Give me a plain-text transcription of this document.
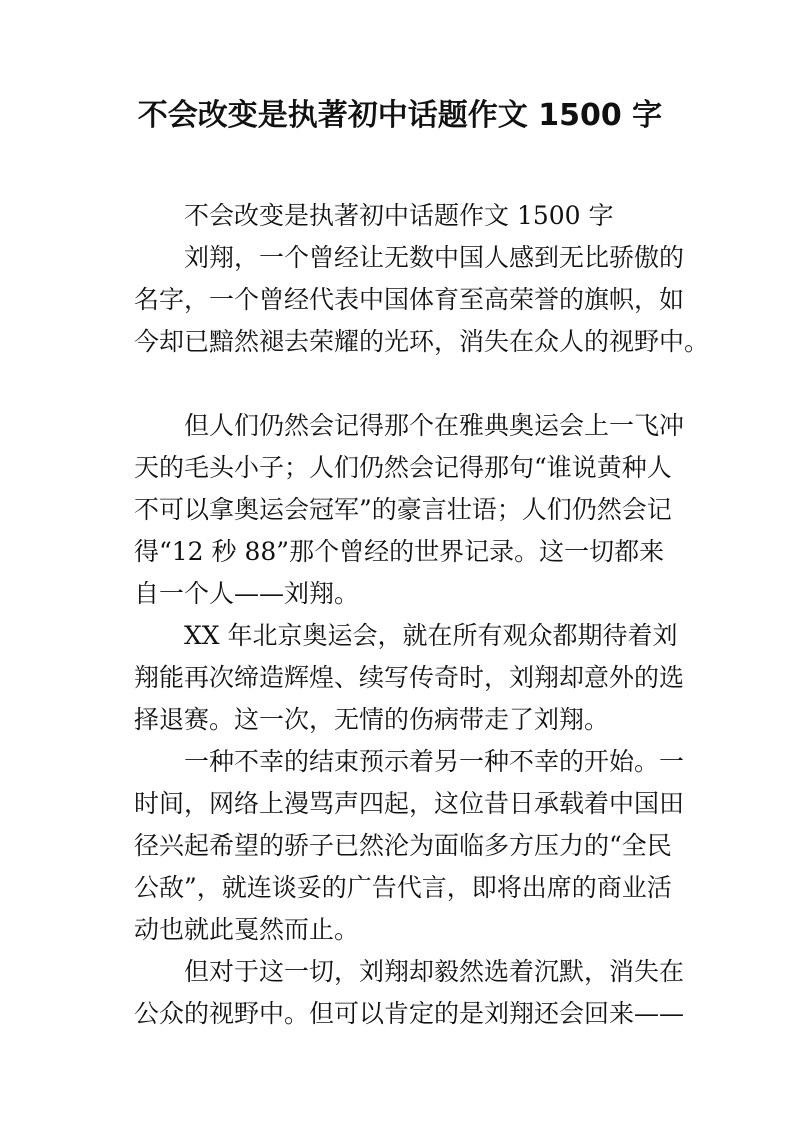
不会改变是执著初中话题作文 1500 字
不会改变是执著初中话题作文 1500 字
刘翔，一个曾经让无数中国人感到无比骄傲的
名字，一个曾经代表中国体育至高荣誉的旗帜，如
今却已黯然褪去荣耀的光环，消失在众人的视野中。
但人们仍然会记得那个在雅典奥运会上一飞冲
天的毛头小子；人们仍然会记得那句“谁说黄种人
不可以拿奥运会冠军”的豪言壮语；人们仍然会记
得“12 秒 88”那个曾经的世界记录。这一切都来
自一个人——刘翔。
XX 年北京奥运会，就在所有观众都期待着刘
翔能再次缔造辉煌、续写传奇时，刘翔却意外的选
择退赛。这一次，无情的伤病带走了刘翔。
一种不幸的结束预示着另一种不幸的开始。一
时间，网络上漫骂声四起，这位昔日承载着中国田
径兴起希望的骄子已然沦为面临多方压力的“全民
公敌”，就连谈妥的广告代言，即将出席的商业活
动也就此戛然而止。
但对于这一切，刘翔却毅然选着沉默，消失在
公众的视野中。但可以肯定的是刘翔还会回来——
